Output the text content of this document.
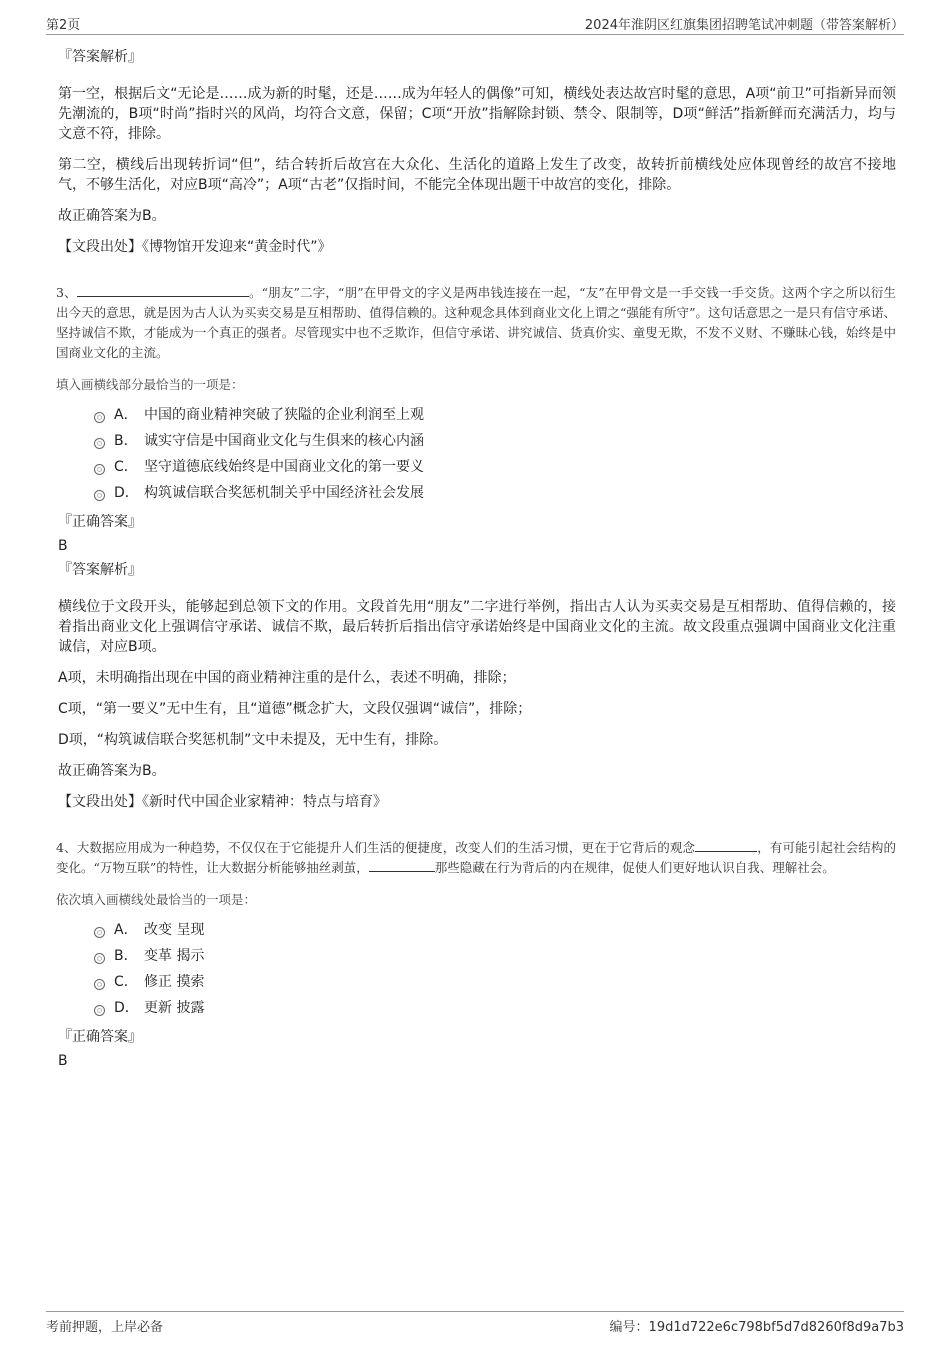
第2页	2024年淮阴区红旗集团招聘笔试冲刺题（带答案解析）
『答案解析』

第一空，根据后文“无论是……成为新的时髦，还是……成为年轻人的偶像”可知，横线处表达故宫时髦的意思，A项“前卫”可指新异而领先潮流的，B项“时尚”指时兴的风尚，均符合文意，保留；C项“开放”指解除封锁、禁令、限制等，D项“鲜活”指新鲜而充满活力，均与文意不符，排除。

第二空，横线后出现转折词“但”，结合转折后故宫在大众化、生活化的道路上发生了改变，故转折前横线处应体现曾经的故宫不接地气，不够生活化，对应B项“高冷”；A项“古老”仅指时间，不能完全体现出题干中故宫的变化，排除。

故正确答案为B。

【文段出处】《博物馆开发迎来“黄金时代”》

3、	。“朋友”二字，“朋”在甲骨文的字义是两串钱连接在一起，“友”在甲骨文是一手交钱一手交货。这两个字之所以衍生出今天的意思，就是因为古人认为买卖交易是互相帮助、值得信赖的。这种观念具体到商业文化上谓之“强能有所守”。这句话意思之一是只有信守承诺、坚持诚信不欺，才能成为一个真正的强者。尽管现实中也不乏欺诈，但信守承诺、讲究诚信、货真价实、童叟无欺，不发不义财、不赚昧心钱，始终是中国商业文化的主流。
填入画横线部分最恰当的一项是：
A． 中国的商业精神突破了狭隘的企业利润至上观
B． 诚实守信是中国商业文化与生俱来的核心内涵
C． 坚守道德底线始终是中国商业文化的第一要义
D． 构筑诚信联合奖惩机制关乎中国经济社会发展
『正确答案』
B
『答案解析』

横线位于文段开头，能够起到总领下文的作用。文段首先用“朋友”二字进行举例，指出古人认为买卖交易是互相帮助、值得信赖的，接着指出商业文化上强调信守承诺、诚信不欺，最后转折后指出信守承诺始终是中国商业文化的主流。故文段重点强调中国商业文化注重诚信，对应B项。

A项，未明确指出现在中国的商业精神注重的是什么，表述不明确，排除；

C项，“第一要义”无中生有，且“道德”概念扩大，文段仅强调“诚信”，排除；

D项，“构筑诚信联合奖惩机制”文中未提及，无中生有，排除。

故正确答案为B。

【文段出处】《新时代中国企业家精神：特点与培育》

4、大数据应用成为一种趋势，不仅仅在于它能提升人们生活的便捷度，改变人们的生活习惯，更在于它背后的观念	，有可能引起社会结构的变化。“万物互联”的特性，让大数据分析能够抽丝剥茧，	那些隐藏在行为背后的内在规律，促使人们更好地认识自我、理解社会。
依次填入画横线处最恰当的一项是：
A． 改变 呈现
B． 变革 揭示
C． 修正 摸索
D． 更新 披露
『正确答案』
B
考前押题，上岸必备	编号：19d1d722e6c798bf5d7d8260f8d9a7b3
